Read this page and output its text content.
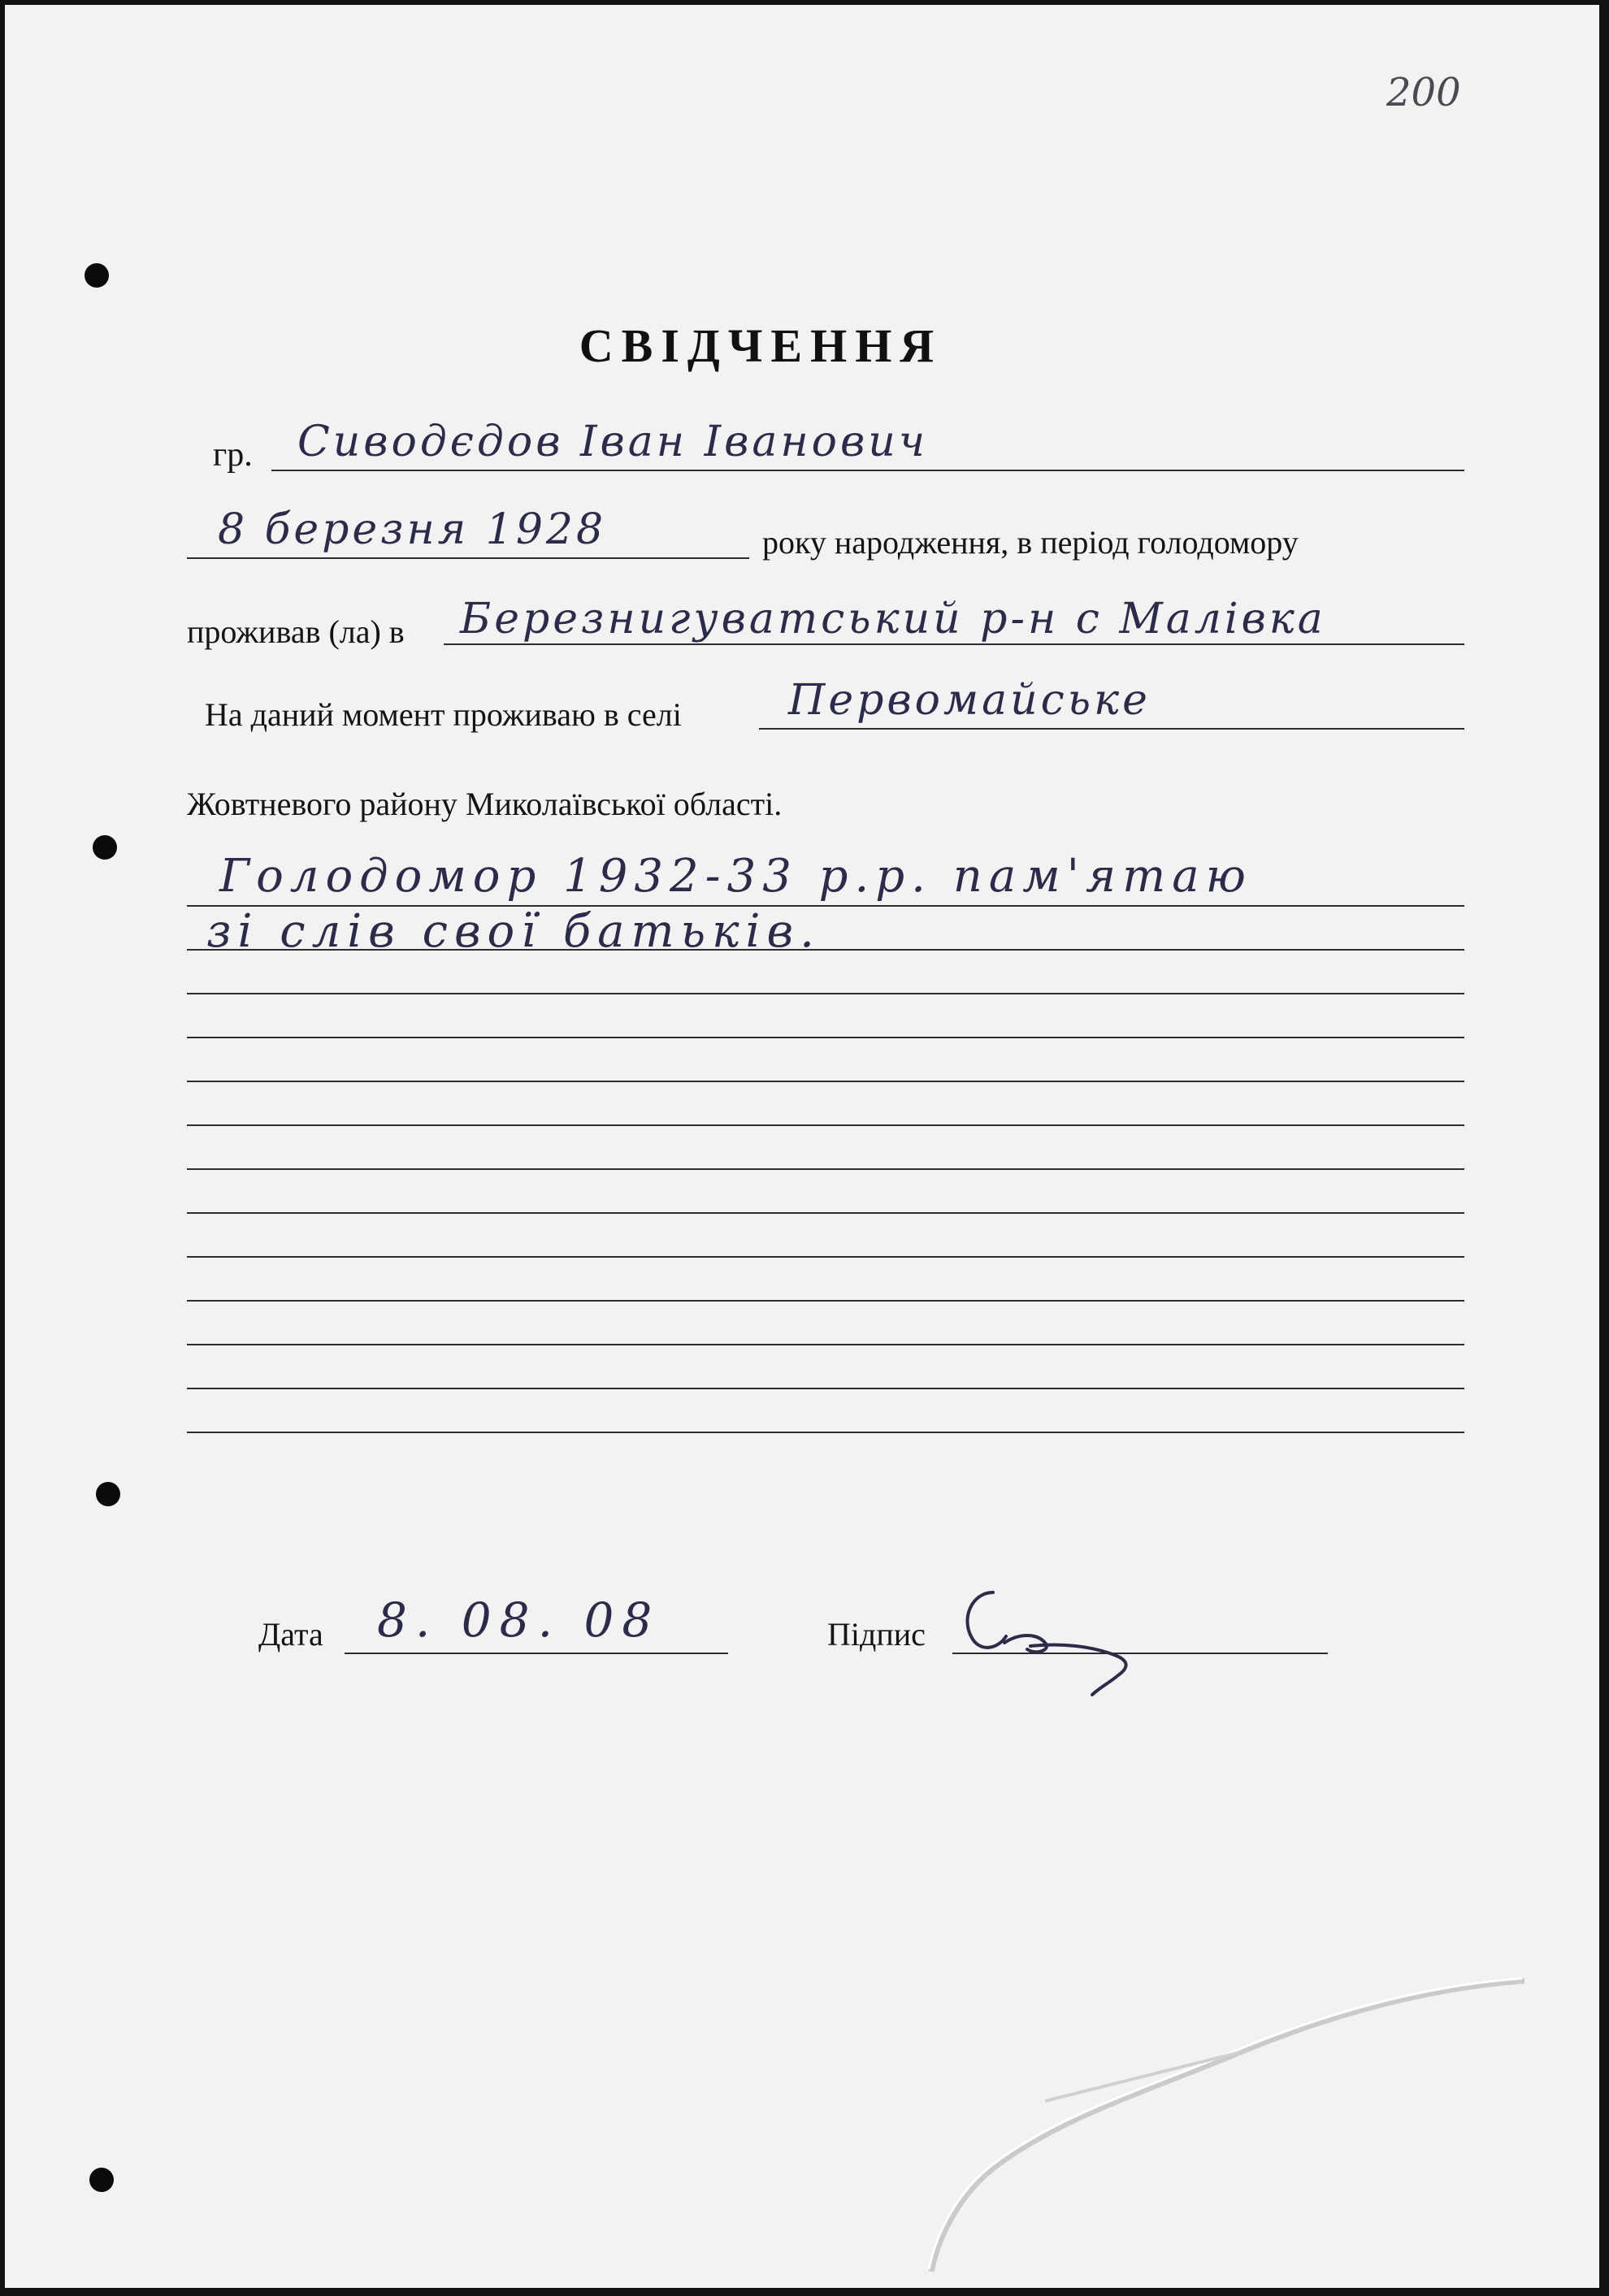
200
СВІДЧЕННЯ
гр. Сиводєдов Іван Іванович
8 березня 1928	року народження, в період голодомору
проживав (ла) в Березнигуватський р-н с Малівка
На даний момент проживаю в селі	Первомайське
Жовтневого району Миколаївської області.
Голодомор 1932-33 р.р. пам'ятаю
зі слів свої батьків.
Дата 8. 08. 08	Підпис
